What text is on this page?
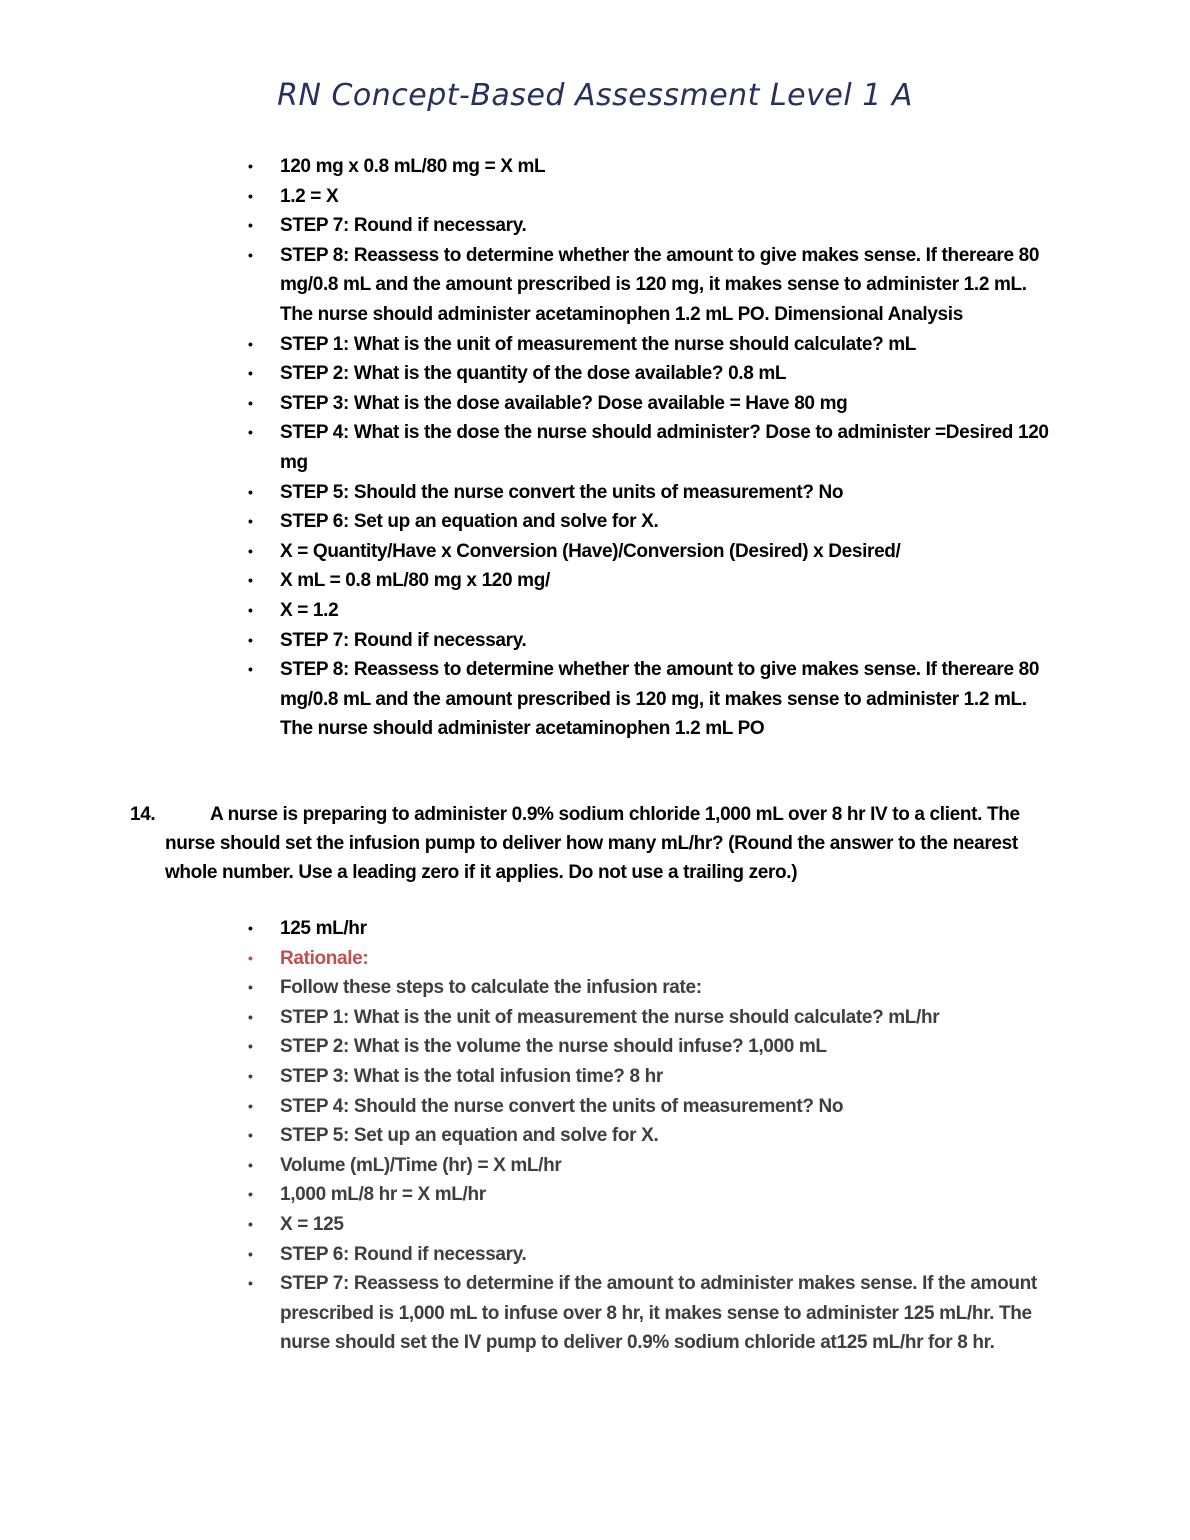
RN Concept-Based Assessment Level 1 A
• 120 mg x 0.8 mL/80 mg = X mL
• 1.2 = X
• STEP 7: Round if necessary.
• STEP 8: Reassess to determine whether the amount to give makes sense. If thereare 80 mg/0.8 mL and the amount prescribed is 120 mg, it makes sense to administer 1.2 mL. The nurse should administer acetaminophen 1.2 mL PO. Dimensional Analysis
• STEP 1: What is the unit of measurement the nurse should calculate? mL
• STEP 2: What is the quantity of the dose available? 0.8 mL
• STEP 3: What is the dose available? Dose available = Have 80 mg
• STEP 4: What is the dose the nurse should administer? Dose to administer =Desired 120 mg
• STEP 5: Should the nurse convert the units of measurement? No
• STEP 6: Set up an equation and solve for X.
• X = Quantity/Have x Conversion (Have)/Conversion (Desired) x Desired/
• X mL = 0.8 mL/80 mg x 120 mg/
• X = 1.2
• STEP 7: Round if necessary.
• STEP 8: Reassess to determine whether the amount to give makes sense. If thereare 80 mg/0.8 mL and the amount prescribed is 120 mg, it makes sense to administer 1.2 mL. The nurse should administer acetaminophen 1.2 mL PO
14.	A nurse is preparing to administer 0.9% sodium chloride 1,000 mL over 8 hr IV to a client. The nurse should set the infusion pump to deliver how many mL/hr? (Round the answer to the nearest whole number. Use a leading zero if it applies. Do not use a trailing zero.)
• 125 mL/hr
• Rationale:
• Follow these steps to calculate the infusion rate:
• STEP 1: What is the unit of measurement the nurse should calculate? mL/hr
• STEP 2: What is the volume the nurse should infuse? 1,000 mL
• STEP 3: What is the total infusion time? 8 hr
• STEP 4: Should the nurse convert the units of measurement? No
• STEP 5: Set up an equation and solve for X.
• Volume (mL)/Time (hr) = X mL/hr
• 1,000 mL/8 hr = X mL/hr
• X = 125
• STEP 6: Round if necessary.
• STEP 7: Reassess to determine if the amount to administer makes sense. If the amount prescribed is 1,000 mL to infuse over 8 hr, it makes sense to administer 125 mL/hr. The nurse should set the IV pump to deliver 0.9% sodium chloride at125 mL/hr for 8 hr.
